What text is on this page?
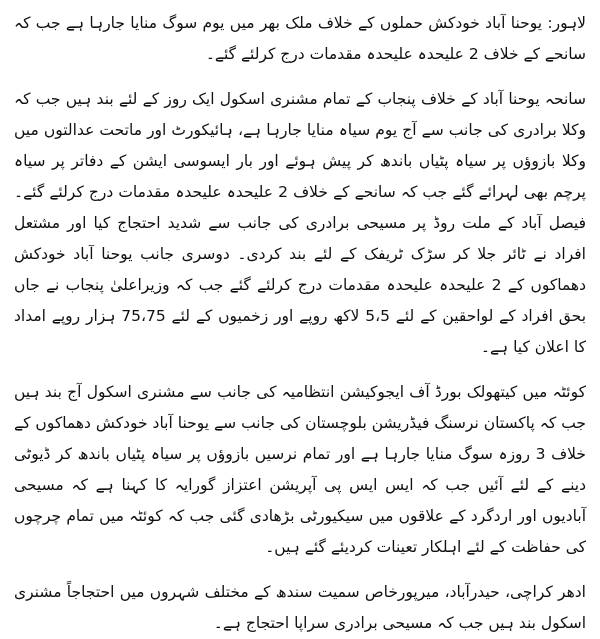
لاہور: یوحنا آباد خودکش حملوں کے خلاف ملک بھر میں یوم سوگ منایا جارہا ہے جب کہ سانحے کے خلاف 2 علیحدہ علیحدہ مقدمات درج کرلئے گئے۔

سانحہ یوحنا آباد کے خلاف پنجاب کے تمام مشنری اسکول ایک روز کے لئے بند ہیں جب کہ وکلا برادری کی جانب سے آج یوم سیاہ منایا جارہا ہے، ہائیکورٹ اور ماتحت عدالتوں میں وکلا بازوؤں پر سیاہ پٹیاں باندھ کر پیش ہوئے اور بار ایسوسی ایشن کے دفاتر پر سیاہ پرچم بھی لہرائے گئے جب کہ سانحے کے خلاف 2 علیحدہ علیحدہ مقدمات درج کرلئے گئے۔ فیصل آباد کے ملت روڈ پر مسیحی برادری کی جانب سے شدید احتجاج کیا اور مشتعل افراد نے ٹائر جلا کر سڑک ٹریفک کے لئے بند کردی۔ دوسری جانب یوحنا آباد خودکش دھماکوں کے 2 علیحدہ علیحدہ مقدمات درج کرلئے گئے جب کہ وزیراعلیٰ پنجاب نے جاں بحق افراد کے لواحقین کے لئے 5،5 لاکھ روپے اور زخمیوں کے لئے 75،75 ہزار روپے امداد کا اعلان کیا ہے۔

کوئٹہ میں کیتھولک بورڈ آف ایجوکیشن انتظامیہ کی جانب سے مشنری اسکول آج بند ہیں جب کہ پاکستان نرسنگ فیڈریشن بلوچستان کی جانب سے یوحنا آباد خودکش دھماکوں کے خلاف 3 روزہ سوگ منایا جارہا ہے اور تمام نرسیں بازوؤں پر سیاہ پٹیاں باندھ کر ڈیوٹی دینے کے لئے آئیں جب کہ ایس ایس پی آپریشن اعتزاز گورایہ کا کہنا ہے کہ مسیحی آبادیوں اور اردگرد کے علاقوں میں سیکیورٹی بڑھادی گئی جب کہ کوئٹہ میں تمام چرچوں کی حفاظت کے لئے اہلکار تعینات کردیئے گئے ہیں۔

ادھر کراچی، حیدرآباد، میرپورخاص سمیت سندھ کے مختلف شہروں میں احتجاجاً مشنری اسکول بند ہیں جب کہ مسیحی برادری سراپا احتجاج ہے۔
